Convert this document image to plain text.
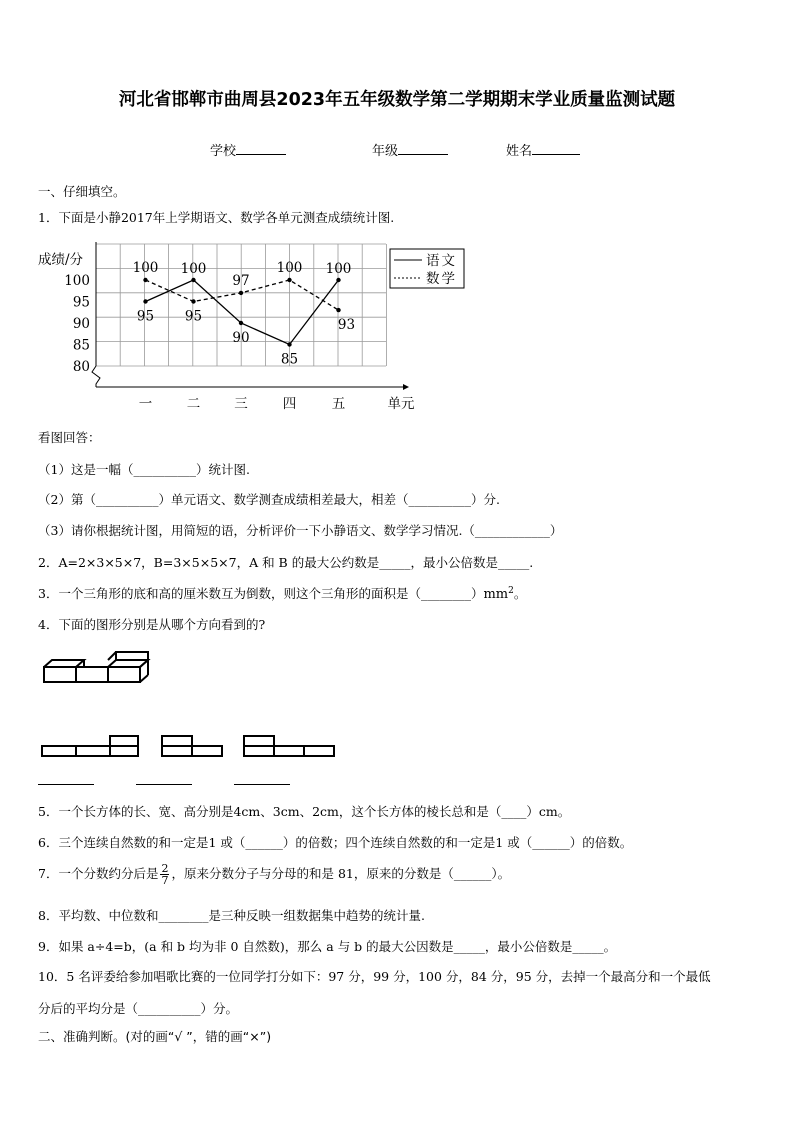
河北省邯郸市曲周县2023年五年级数学第二学期期末学业质量监测试题
学校	年级	姓名
一、仔细填空。
1．下面是小静2017年上学期语文、数学各单元测查成绩统计图.
成绩/分
80
85
90
95
100
一	二	三	四	五	单元
95
100
90
85
100
100
95
97
100
93
语文
数学
看图回答：
（1）这是一幅（__________）统计图.
（2）第（__________）单元语文、数学测查成绩相差最大，相差（__________）分.
（3）请你根据统计图，用简短的语，分析评价一下小静语文、数学学习情况.（____________）
2．A=2×3×5×7，B=3×5×5×7，A 和 B 的最大公约数是_____，最小公倍数是_____.
3．一个三角形的底和高的厘米数互为倒数，则这个三角形的面积是$(\_\_\_\_\_\_\_\_)mm^2$。
4．下面的图形分别是从哪个方向看到的?
5．一个长方体的长、宽、高分别是4cm、3cm、2cm，这个长方体的棱长总和是（____）cm。
6．三个连续自然数的和一定是1 或（______）的倍数；四个连续自然数的和一定是1 或（______）的倍数。
7．一个分数约分后是 $\frac{2}{7}$ ，原来分数分子与分母的和是 81，原来的分数是（______）。
8．平均数、中位数和________是三种反映一组数据集中趋势的统计量.
9．如果 a÷4=b，(a 和 b 均为非 0 自然数)，那么 a 与 b 的最大公因数是_____，最小公倍数是_____。
10．5 名评委给参加唱歌比赛的一位同学打分如下：97 分，99 分，100 分，84 分，95 分，去掉一个最高分和一个最低
分后的平均分是（__________）分。
二、准确判断。(对的画“√ ”，错的画“×”)
